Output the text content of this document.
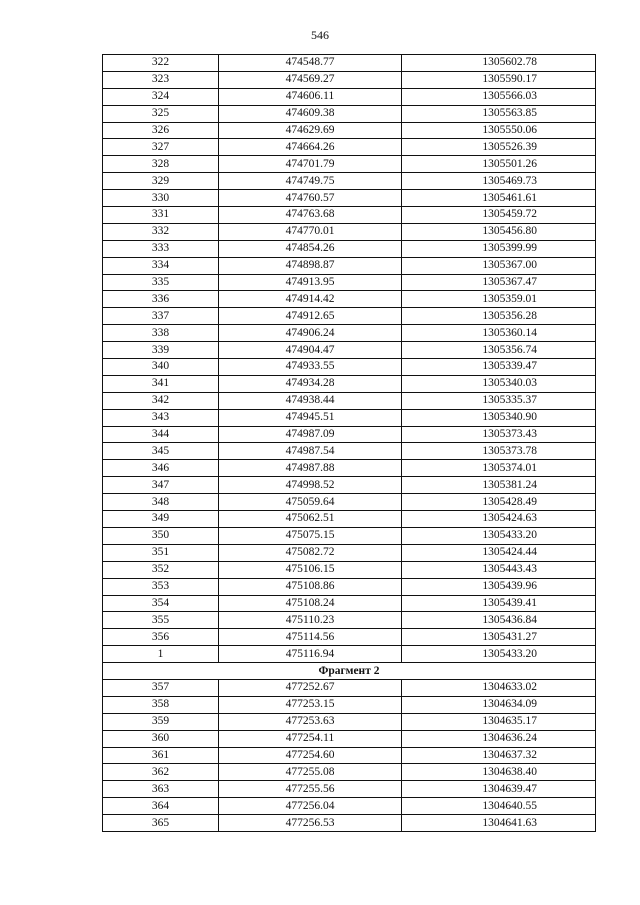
546
322	474548.77	1305602.78
323	474569.27	1305590.17
324	474606.11	1305566.03
325	474609.38	1305563.85
326	474629.69	1305550.06
327	474664.26	1305526.39
328	474701.79	1305501.26
329	474749.75	1305469.73
330	474760.57	1305461.61
331	474763.68	1305459.72
332	474770.01	1305456.80
333	474854.26	1305399.99
334	474898.87	1305367.00
335	474913.95	1305367.47
336	474914.42	1305359.01
337	474912.65	1305356.28
338	474906.24	1305360.14
339	474904.47	1305356.74
340	474933.55	1305339.47
341	474934.28	1305340.03
342	474938.44	1305335.37
343	474945.51	1305340.90
344	474987.09	1305373.43
345	474987.54	1305373.78
346	474987.88	1305374.01
347	474998.52	1305381.24
348	475059.64	1305428.49
349	475062.51	1305424.63
350	475075.15	1305433.20
351	475082.72	1305424.44
352	475106.15	1305443.43
353	475108.86	1305439.96
354	475108.24	1305439.41
355	475110.23	1305436.84
356	475114.56	1305431.27
1	475116.94	1305433.20
Фрагмент 2		
357	477252.67	1304633.02
358	477253.15	1304634.09
359	477253.63	1304635.17
360	477254.11	1304636.24
361	477254.60	1304637.32
362	477255.08	1304638.40
363	477255.56	1304639.47
364	477256.04	1304640.55
365	477256.53	1304641.63
